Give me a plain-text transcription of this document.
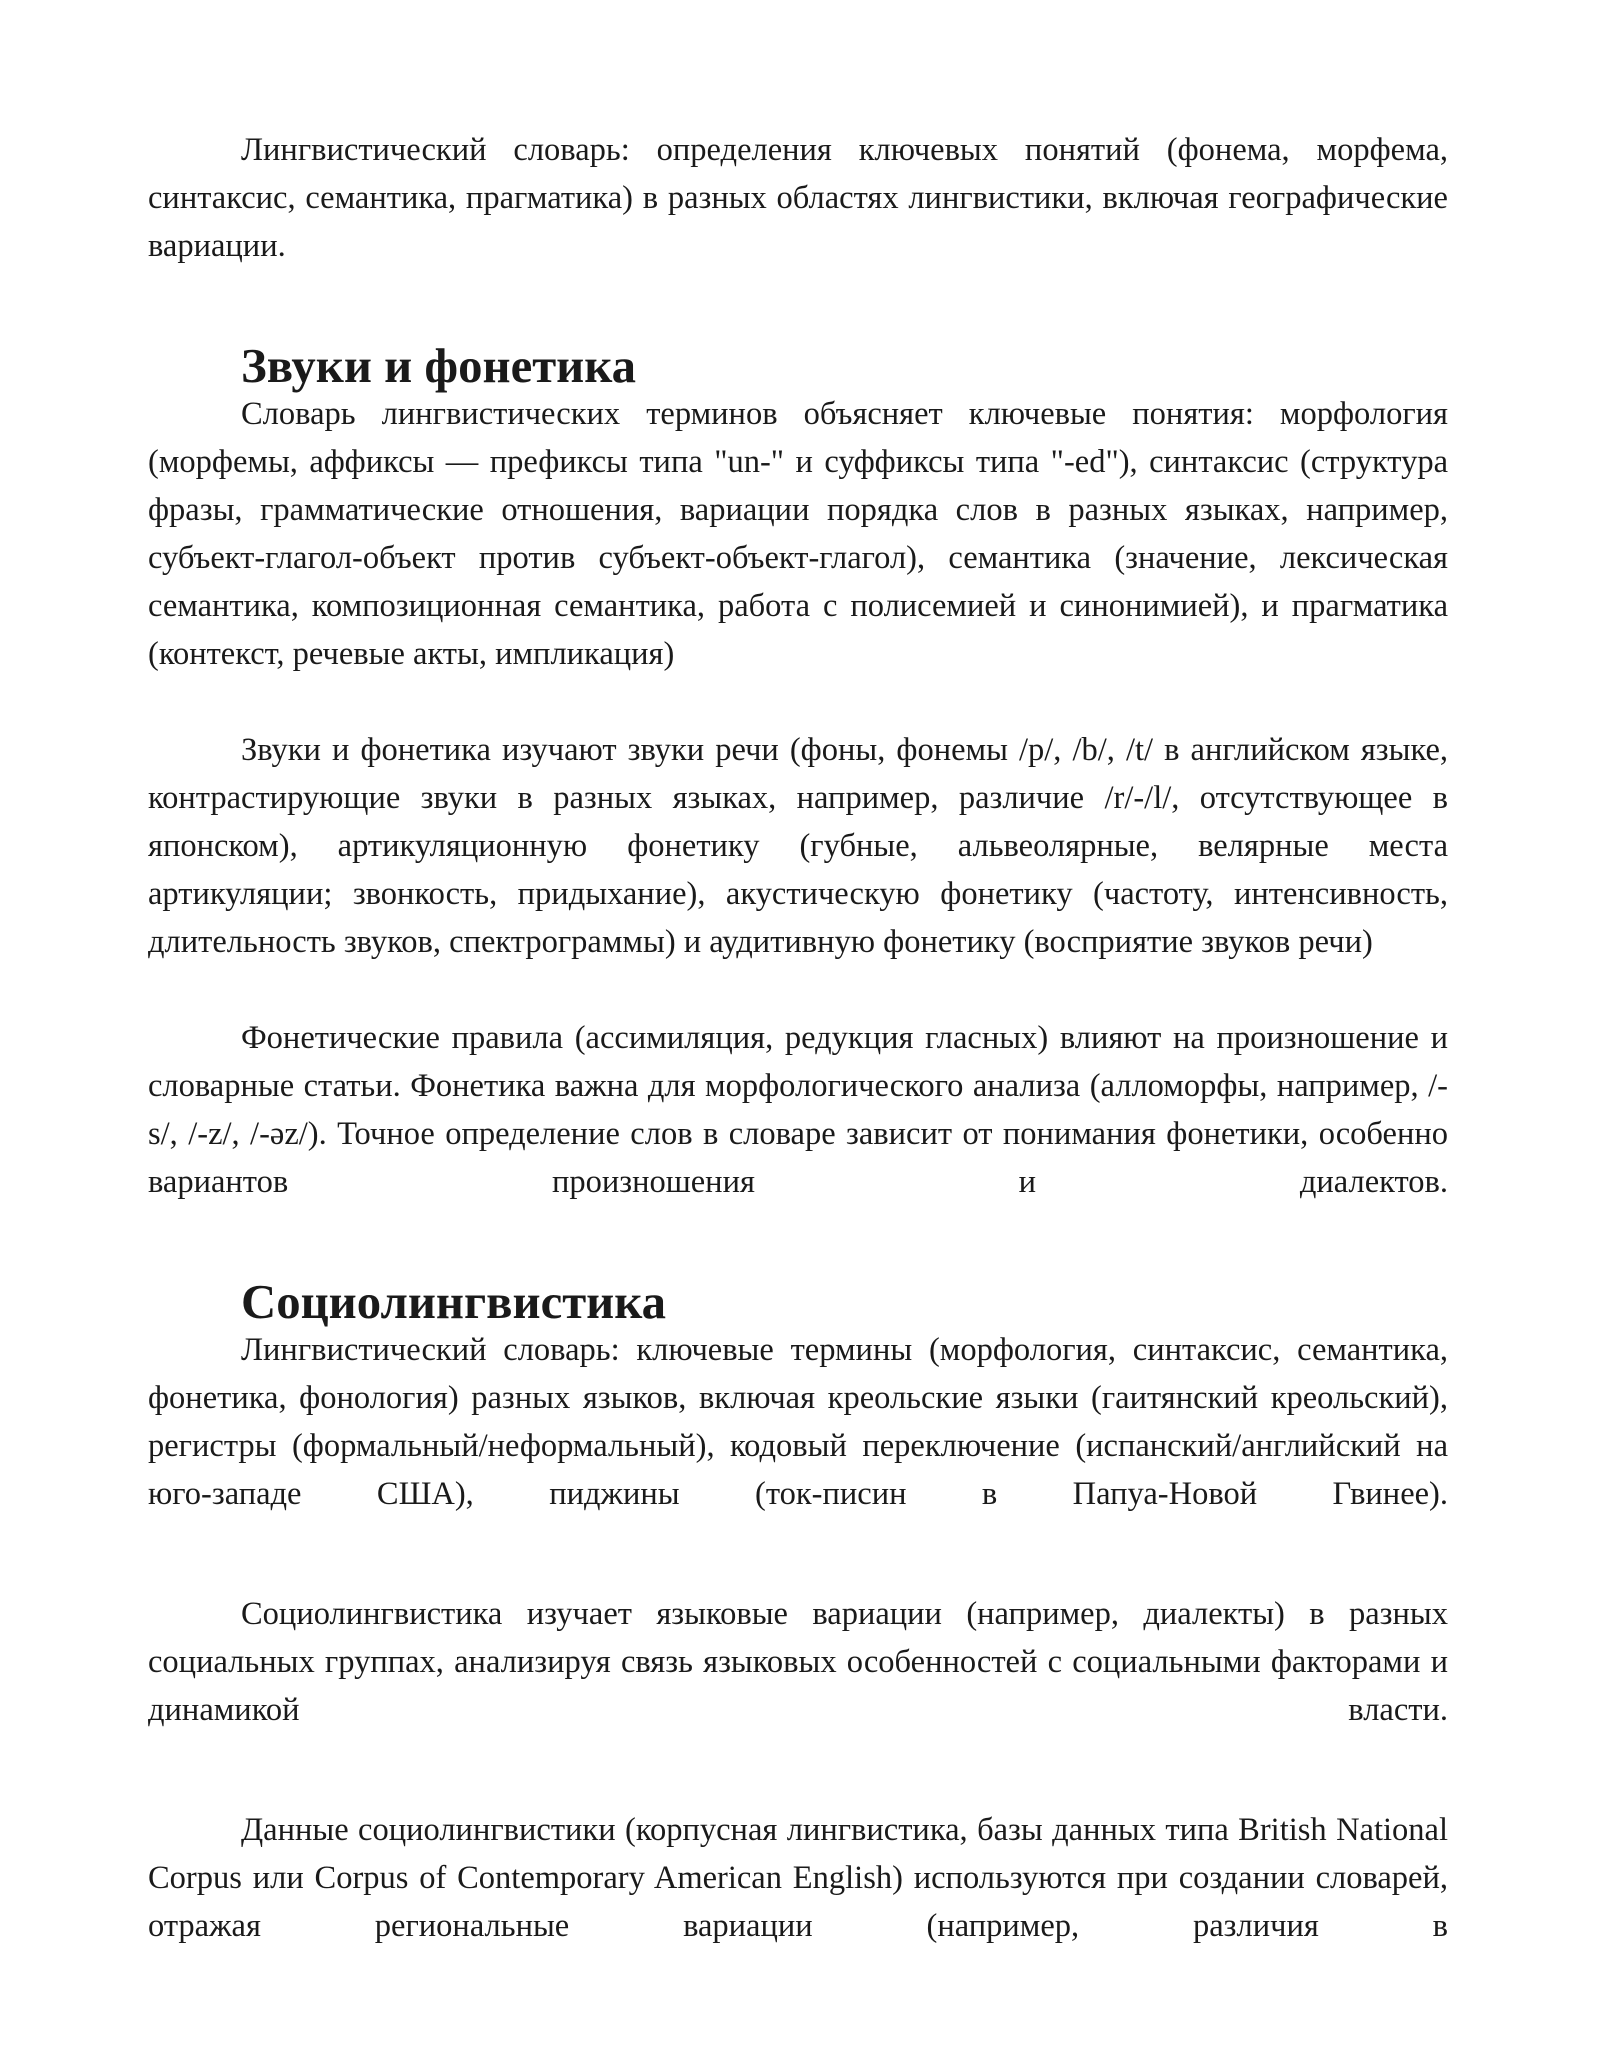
Лингвистический словарь: определения ключевых понятий (фонема, морфема, синтаксис, семантика, прагматика) в разных областях лингвистики, включая географические вариации.

Звуки и фонетика

Словарь лингвистических терминов объясняет ключевые понятия: морфология (морфемы, аффиксы — префиксы типа "un-" и суффиксы типа "-ed"), синтаксис (структура фразы, грамматические отношения, вариации порядка слов в разных языках, например, субъект-глагол-объект против субъект-объект-глагол), семантика (значение, лексическая семантика, композиционная семантика, работа с полисемией и синонимией), и прагматика (контекст, речевые акты, импликация)

Звуки и фонетика изучают звуки речи (фоны, фонемы /p/, /b/, /t/ в английском языке, контрастирующие звуки в разных языках, например, различие /r/-/l/, отсутствующее в японском), артикуляционную фонетику (губные, альвеолярные, велярные места артикуляции; звонкость, придыхание), акустическую фонетику (частоту, интенсивность, длительность звуков, спектрограммы) и аудитивную фонетику (восприятие звуков речи)

Фонетические правила (ассимиляция, редукция гласных) влияют на произношение и словарные статьи. Фонетика важна для морфологического анализа (алломорфы, например, /-s/, /-z/, /-əz/). Точное определение слов в словаре зависит от понимания фонетики, особенно вариантов произношения и диалектов.

Социолингвистика

Лингвистический словарь: ключевые термины (морфология, синтаксис, семантика, фонетика, фонология) разных языков, включая креольские языки (гаитянский креольский), регистры (формальный/неформальный), кодовый переключение (испанский/английский на юго-западе США), пиджины (ток-писин в Папуа-Новой Гвинее).

Социолингвистика изучает языковые вариации (например, диалекты) в разных социальных группах, анализируя связь языковых особенностей с социальными факторами и динамикой власти.

Данные социолингвистики (корпусная лингвистика, базы данных типа British National Corpus или Corpus of Contemporary American English) используются при создании словарей, отражая региональные вариации (например, различия в
